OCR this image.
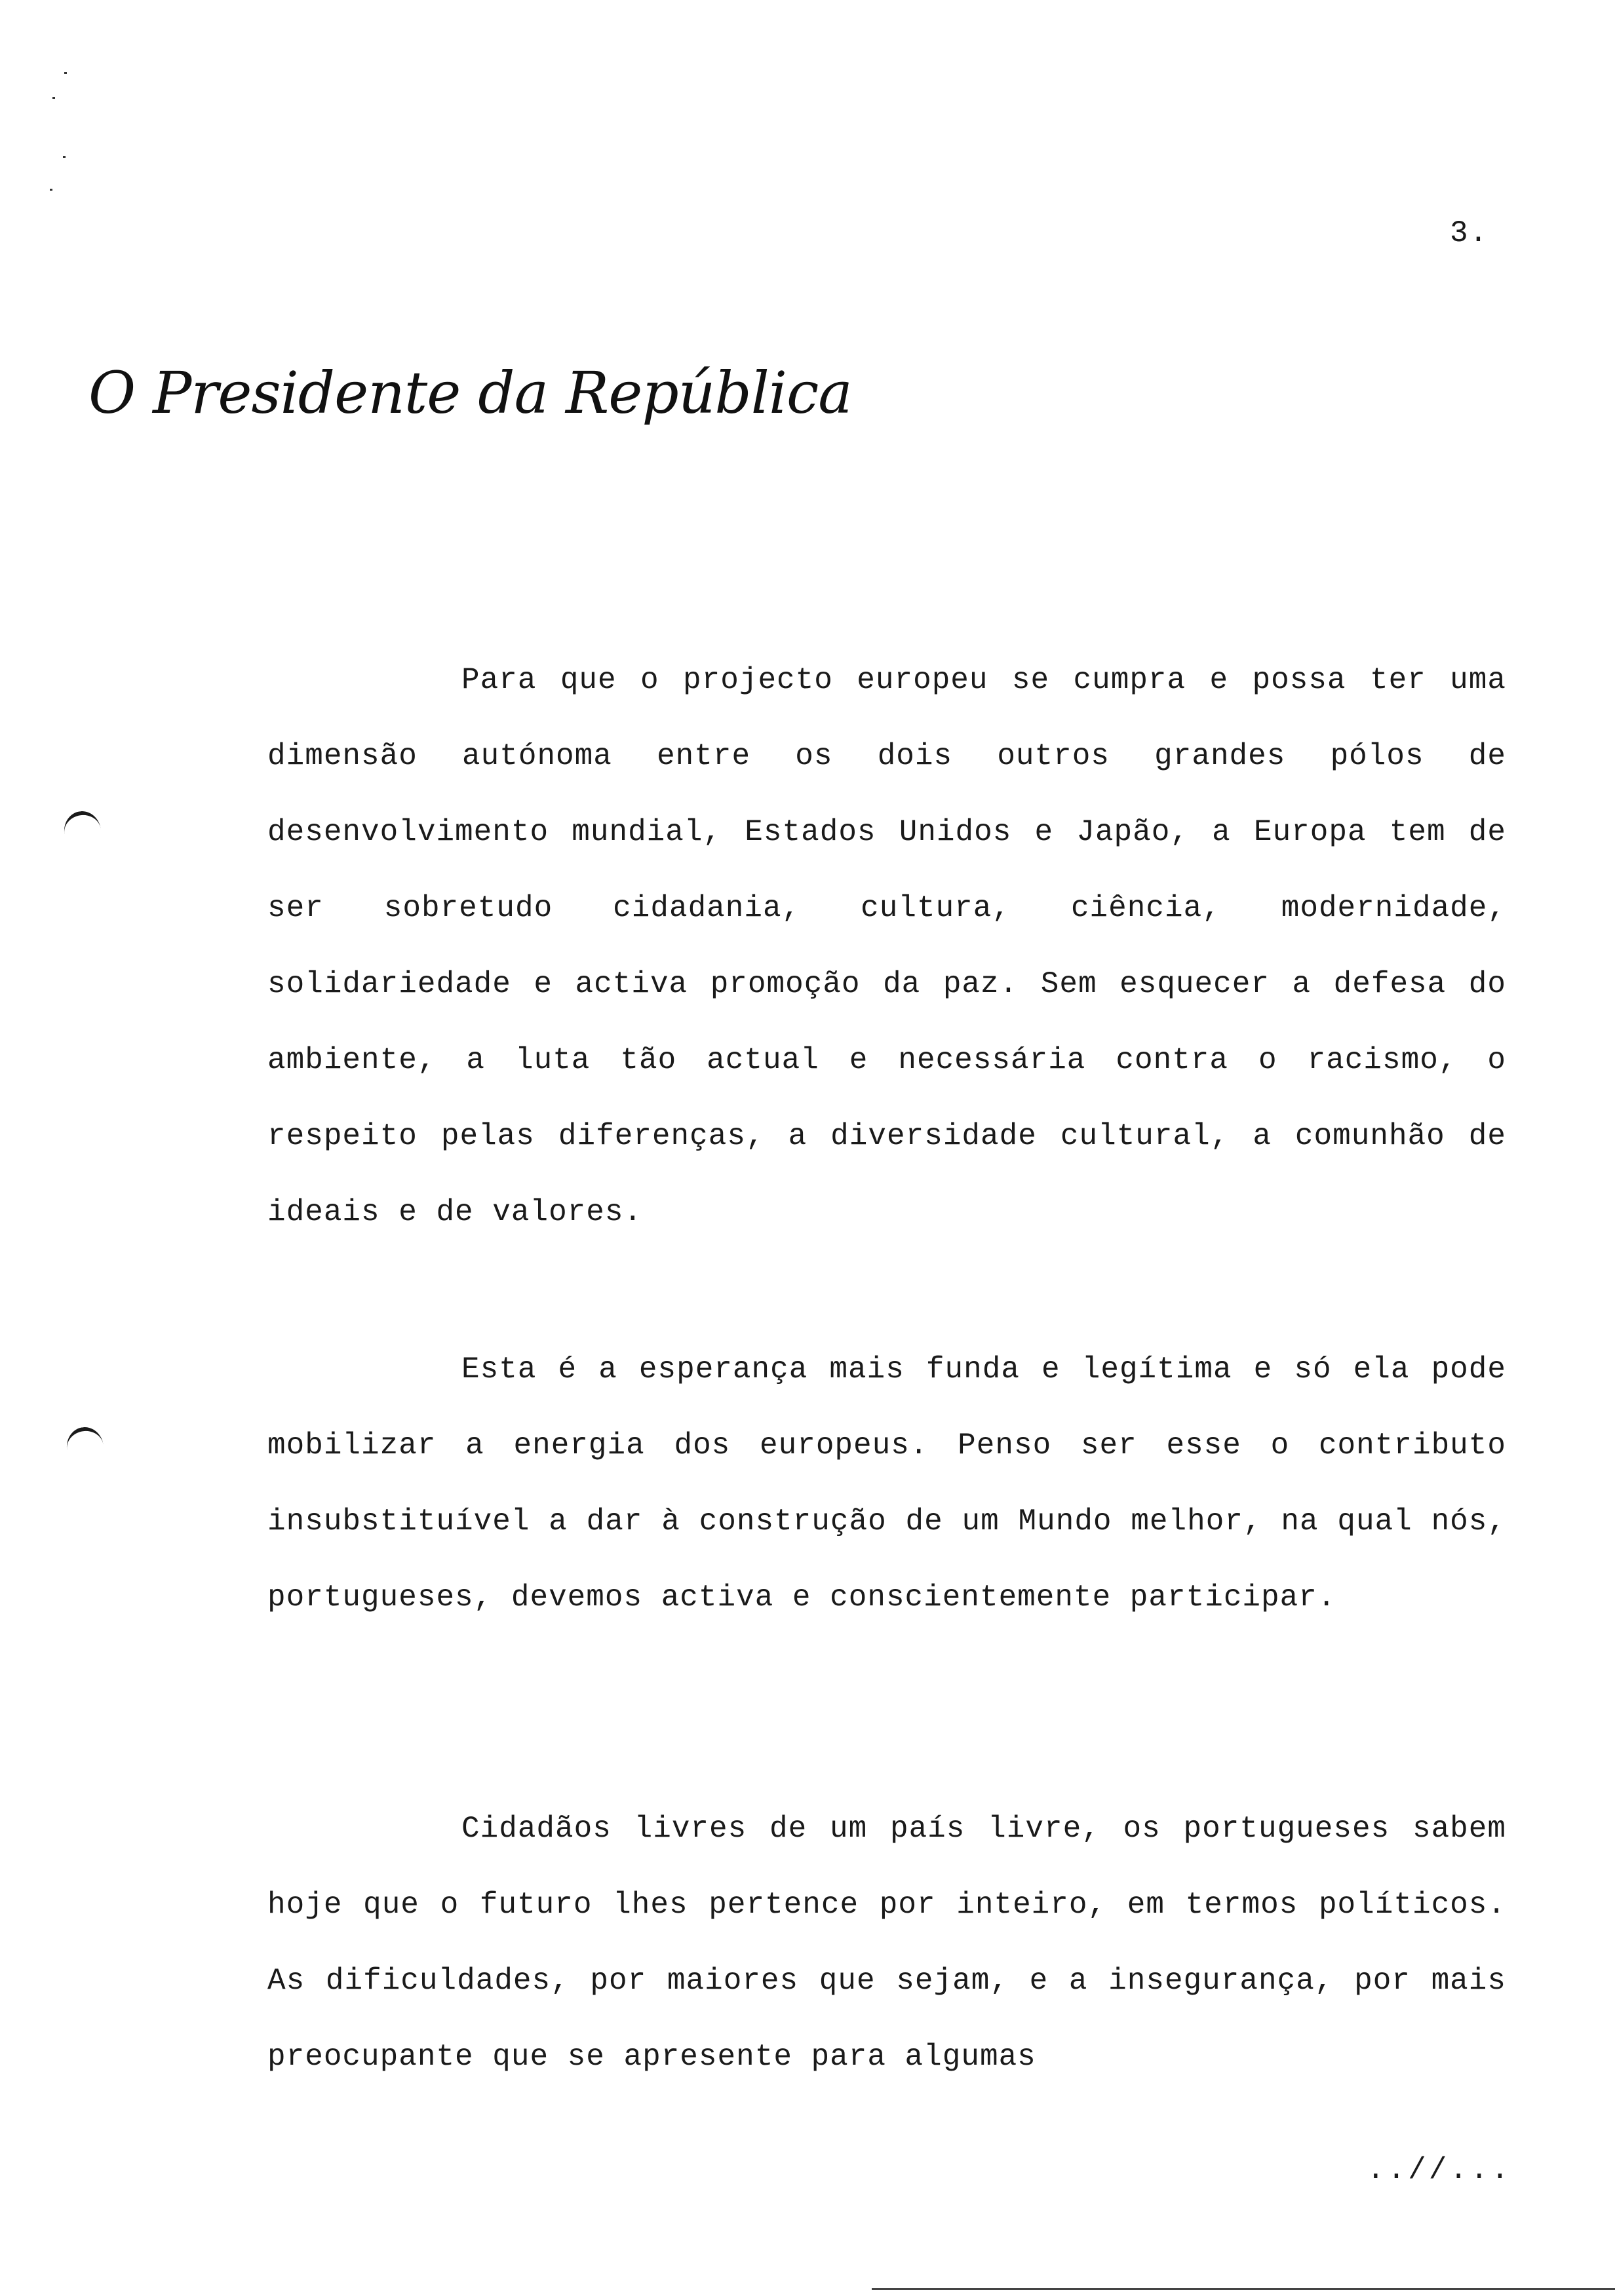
3.
O Presidente da República

Para que o projecto europeu se cumpra e possa ter uma dimensão autónoma entre os dois outros grandes pólos de desenvolvimento mundial, Estados Unidos e Japão, a Europa tem de ser sobretudo cidadania, cultura, ciência, modernidade, solidariedade e activa promoção da paz. Sem esquecer a defesa do ambiente, a luta tão actual e necessária contra o racismo, o respeito pelas diferenças, a diversidade cultural, a comunhão de ideais e de valores.

Esta é a esperança mais funda e legítima e só ela pode mobilizar a energia dos europeus. Penso ser esse o contributo insubstituível a dar à construção de um Mundo melhor, na qual nós, portugueses, devemos activa e conscientemente participar.

Cidadãos livres de um país livre, os portugueses sabem hoje que o futuro lhes pertence por inteiro, em termos políticos. As dificuldades, por maiores que sejam, e a insegurança, por mais preocupante que se apresente para algumas

..//...
